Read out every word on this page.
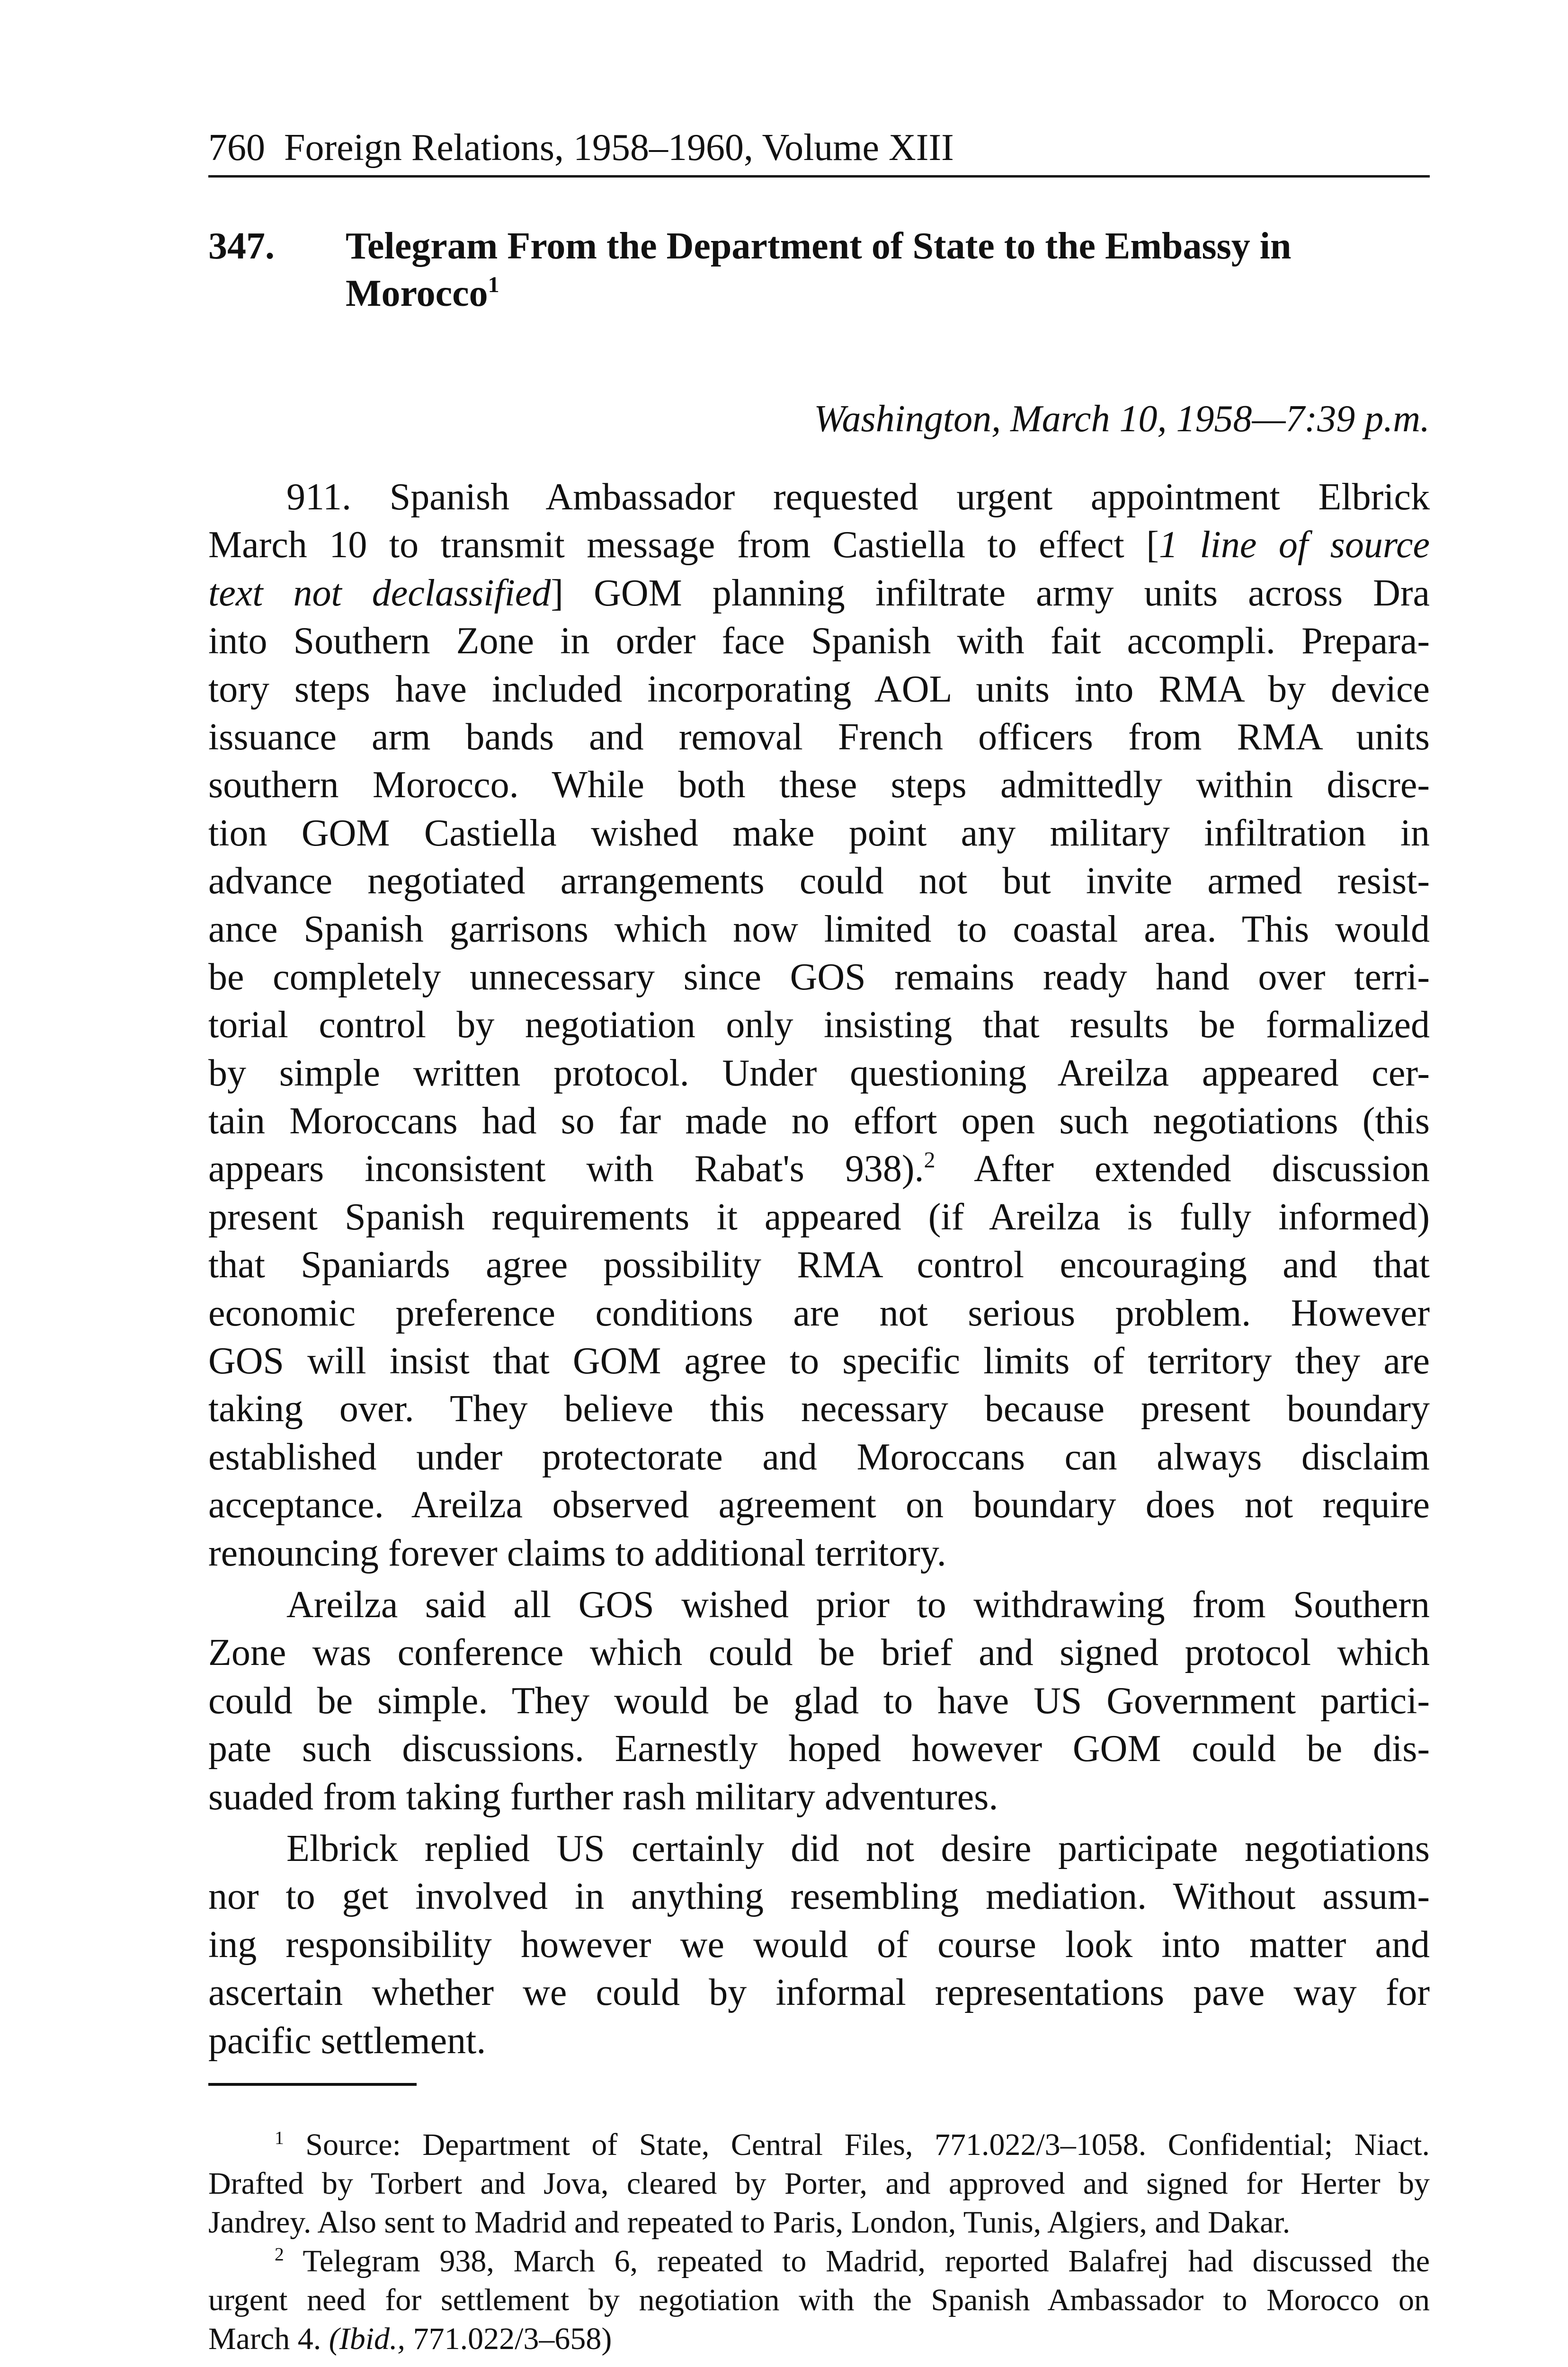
760 Foreign Relations, 1958–1960, Volume XIII
347. Telegram From the Department of State to the Embassy in
Morocco$^1$
Washington, March 10, 1958—7:39 p.m.
911. Spanish Ambassador requested urgent appointment Elbrick
March 10 to transmit message from Castiella to effect [1 line of source
text not declassified] GOM planning infiltrate army units across Dra
into Southern Zone in order face Spanish with fait accompli. Prepara-
tory steps have included incorporating AOL units into RMA by device
issuance arm bands and removal French officers from RMA units
southern Morocco. While both these steps admittedly within discre-
tion GOM Castiella wished make point any military infiltration in
advance negotiated arrangements could not but invite armed resist-
ance Spanish garrisons which now limited to coastal area. This would
be completely unnecessary since GOS remains ready hand over terri-
torial control by negotiation only insisting that results be formalized
by simple written protocol. Under questioning Areilza appeared cer-
tain Moroccans had so far made no effort open such negotiations (this
appears inconsistent with Rabat's 938).$^2$ After extended discussion
present Spanish requirements it appeared (if Areilza is fully informed)
that Spaniards agree possibility RMA control encouraging and that
economic preference conditions are not serious problem. However
GOS will insist that GOM agree to specific limits of territory they are
taking over. They believe this necessary because present boundary
established under protectorate and Moroccans can always disclaim
acceptance. Areilza observed agreement on boundary does not require
renouncing forever claims to additional territory.
Areilza said all GOS wished prior to withdrawing from Southern
Zone was conference which could be brief and signed protocol which
could be simple. They would be glad to have US Government partici-
pate such discussions. Earnestly hoped however GOM could be dis-
suaded from taking further rash military adventures.
Elbrick replied US certainly did not desire participate negotiations
nor to get involved in anything resembling mediation. Without assum-
ing responsibility however we would of course look into matter and
ascertain whether we could by informal representations pave way for
pacific settlement.
$^1$ Source: Department of State, Central Files, 771.022/3–1058. Confidential; Niact.
Drafted by Torbert and Jova, cleared by Porter, and approved and signed for Herter by
Jandrey. Also sent to Madrid and repeated to Paris, London, Tunis, Algiers, and Dakar.
$^2$ Telegram 938, March 6, repeated to Madrid, reported Balafrej had discussed the
urgent need for settlement by negotiation with the Spanish Ambassador to Morocco on
March 4. (Ibid., 771.022/3–658)
